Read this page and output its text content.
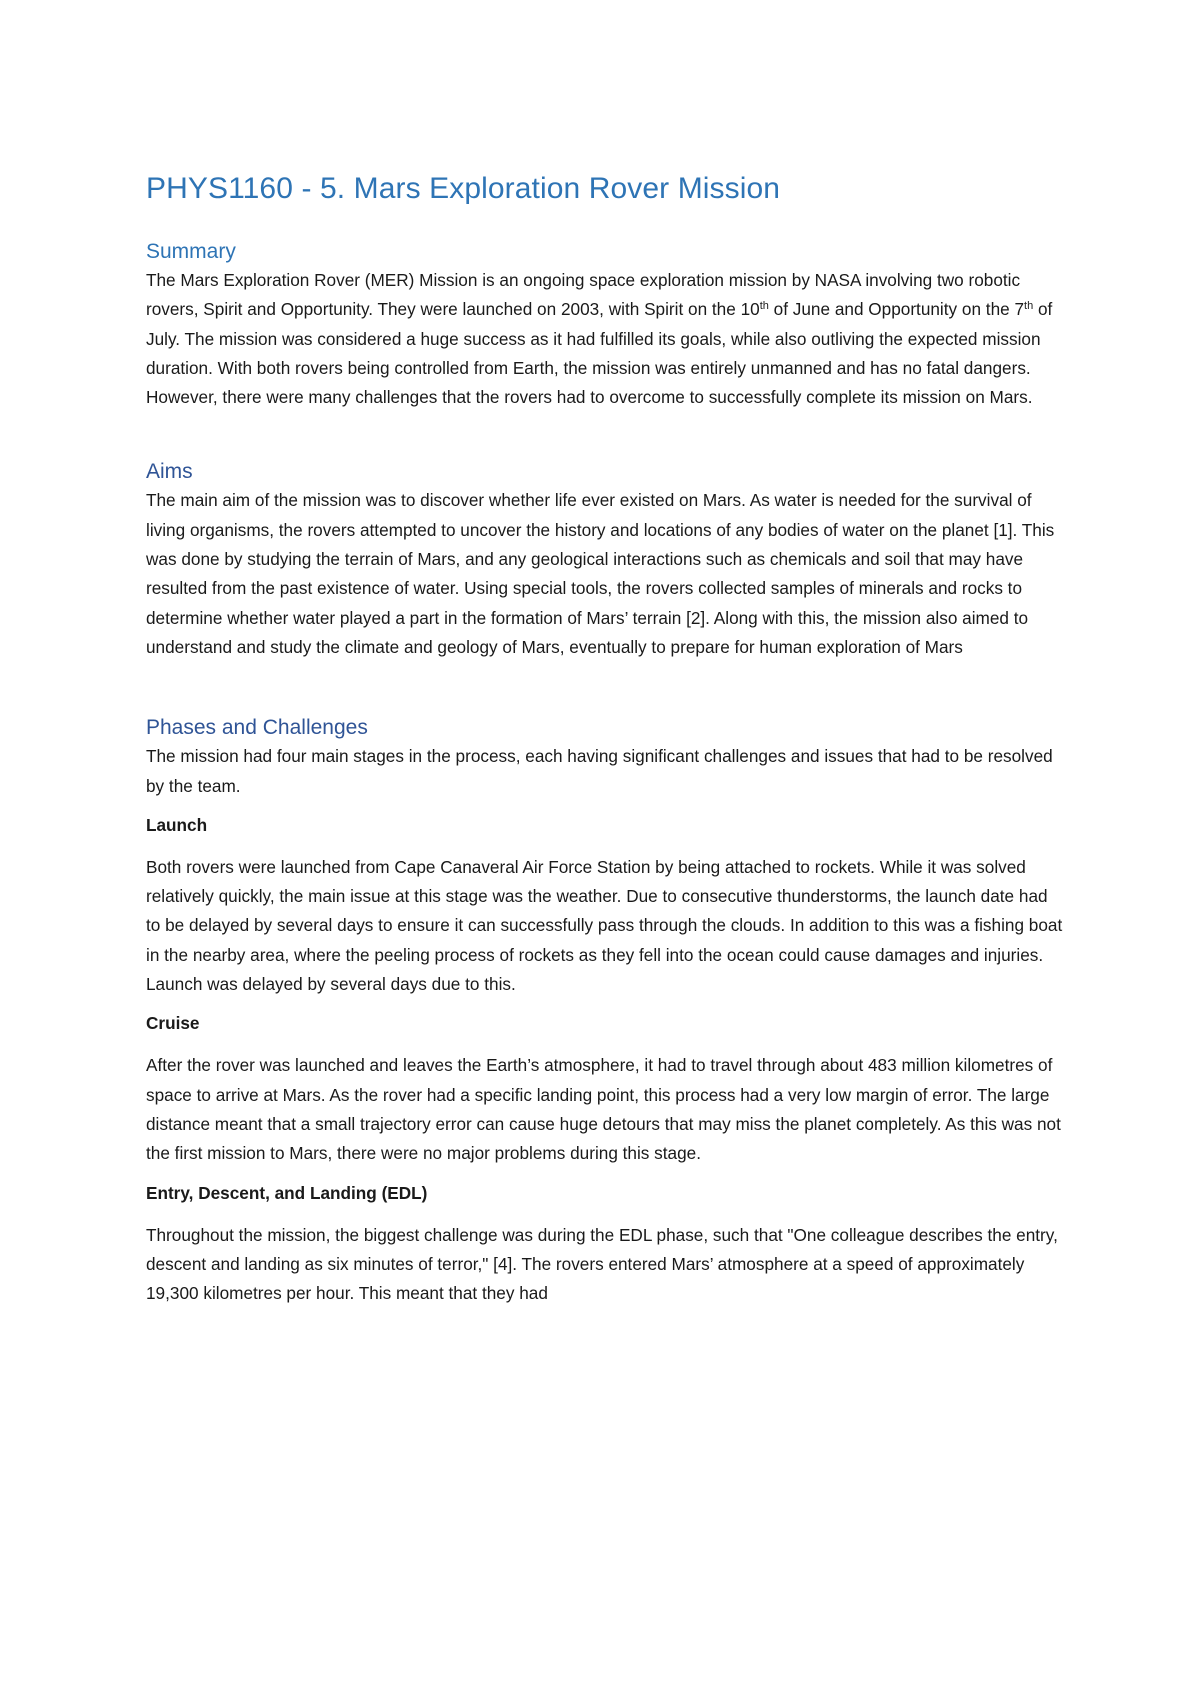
PHYS1160 - 5. Mars Exploration Rover Mission
Summary

The Mars Exploration Rover (MER) Mission is an ongoing space exploration mission by NASA involving two robotic rovers, Spirit and Opportunity. They were launched on 2003, with Spirit on the 10th of June and Opportunity on the 7th of July. The mission was considered a huge success as it had fulfilled its goals, while also outliving the expected mission duration. With both rovers being controlled from Earth, the mission was entirely unmanned and has no fatal dangers. However, there were many challenges that the rovers had to overcome to successfully complete its mission on Mars.

Aims

The main aim of the mission was to discover whether life ever existed on Mars. As water is needed for the survival of living organisms, the rovers attempted to uncover the history and locations of any bodies of water on the planet [1]. This was done by studying the terrain of Mars, and any geological interactions such as chemicals and soil that may have resulted from the past existence of water. Using special tools, the rovers collected samples of minerals and rocks to determine whether water played a part in the formation of Mars’ terrain [2]. Along with this, the mission also aimed to understand and study the climate and geology of Mars, eventually to prepare for human exploration of Mars

Phases and Challenges

The mission had four main stages in the process, each having significant challenges and issues that had to be resolved by the team.

Launch

Both rovers were launched from Cape Canaveral Air Force Station by being attached to rockets. While it was solved relatively quickly, the main issue at this stage was the weather. Due to consecutive thunderstorms, the launch date had to be delayed by several days to ensure it can successfully pass through the clouds. In addition to this was a fishing boat in the nearby area, where the peeling process of rockets as they fell into the ocean could cause damages and injuries. Launch was delayed by several days due to this.

Cruise

After the rover was launched and leaves the Earth’s atmosphere, it had to travel through about 483 million kilometres of space to arrive at Mars. As the rover had a specific landing point, this process had a very low margin of error. The large distance meant that a small trajectory error can cause huge detours that may miss the planet completely. As this was not the first mission to Mars, there were no major problems during this stage.

Entry, Descent, and Landing (EDL)

Throughout the mission, the biggest challenge was during the EDL phase, such that "One colleague describes the entry, descent and landing as six minutes of terror," [4]. The rovers entered Mars’ atmosphere at a speed of approximately 19,300 kilometres per hour. This meant that they had
